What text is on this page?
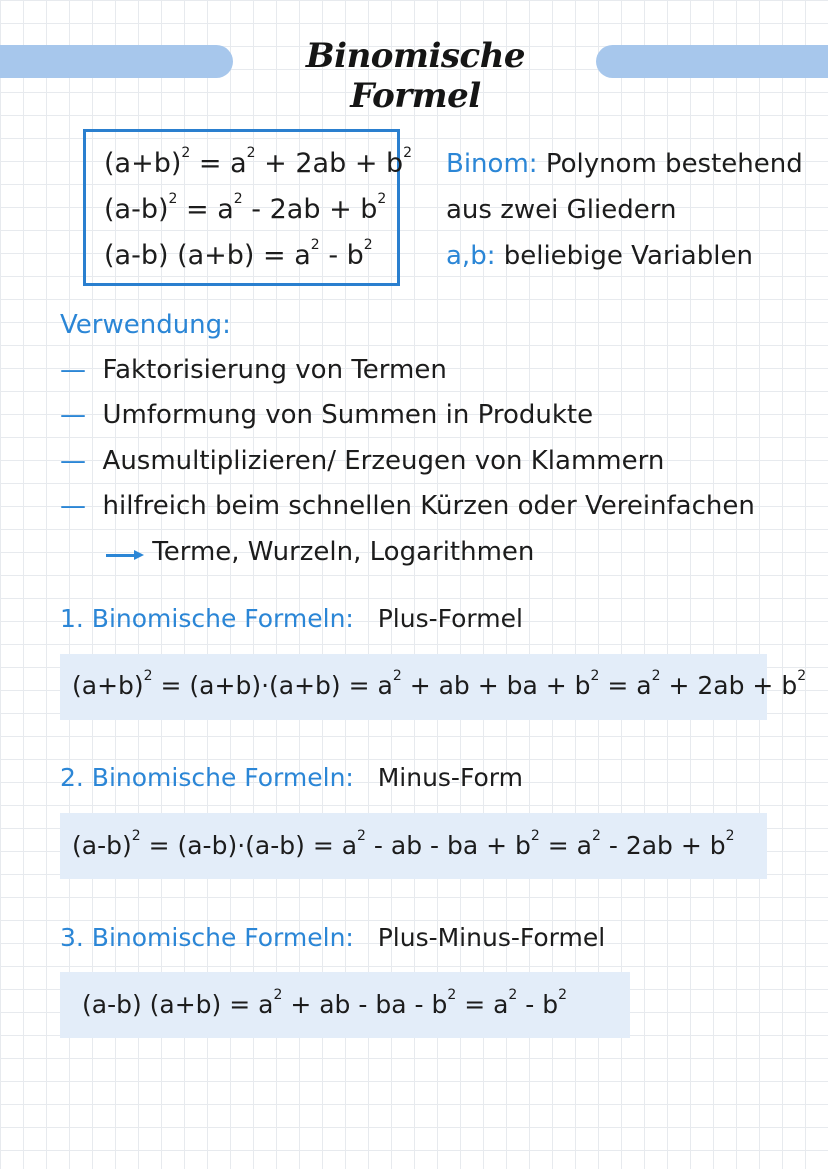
Binomische Formel
$(a+b)^2 = a^2 + 2ab + b^2$
$(a-b)^2 = a^2 - 2ab + b^2$
(a-b) $(a+b) = a^2 - b^2$
Binom: Polynom bestehend
aus zwei Gliedern
a,b: beliebige Variablen
Verwendung:
— Faktorisierung von Termen
— Umformung von Summen in Produkte
— Ausmultiplizieren/ Erzeugen von Klammern
— hilfreich beim schnellen Kürzen oder Vereinfachen
Terme, Wurzeln, Logarithmen
1. Binomische Formeln: Plus-Formel
$(a+b)^2 = (a+b)\cdot(a+b) = a^2$ + ab + ba + $b^2 = a^2 + 2ab + b^2$
2. Binomische Formeln: Minus-Form
$(a-b)^2 = (a-b)\cdot(a-b) = a^2$ - ab - ba + $b^2 = a^2 - 2ab + b^2$
3. Binomische Formeln: Plus-Minus-Formel
(a-b) $(a+b) = a^2$ + ab - ba - $b^2 = a^2 - b^2$
